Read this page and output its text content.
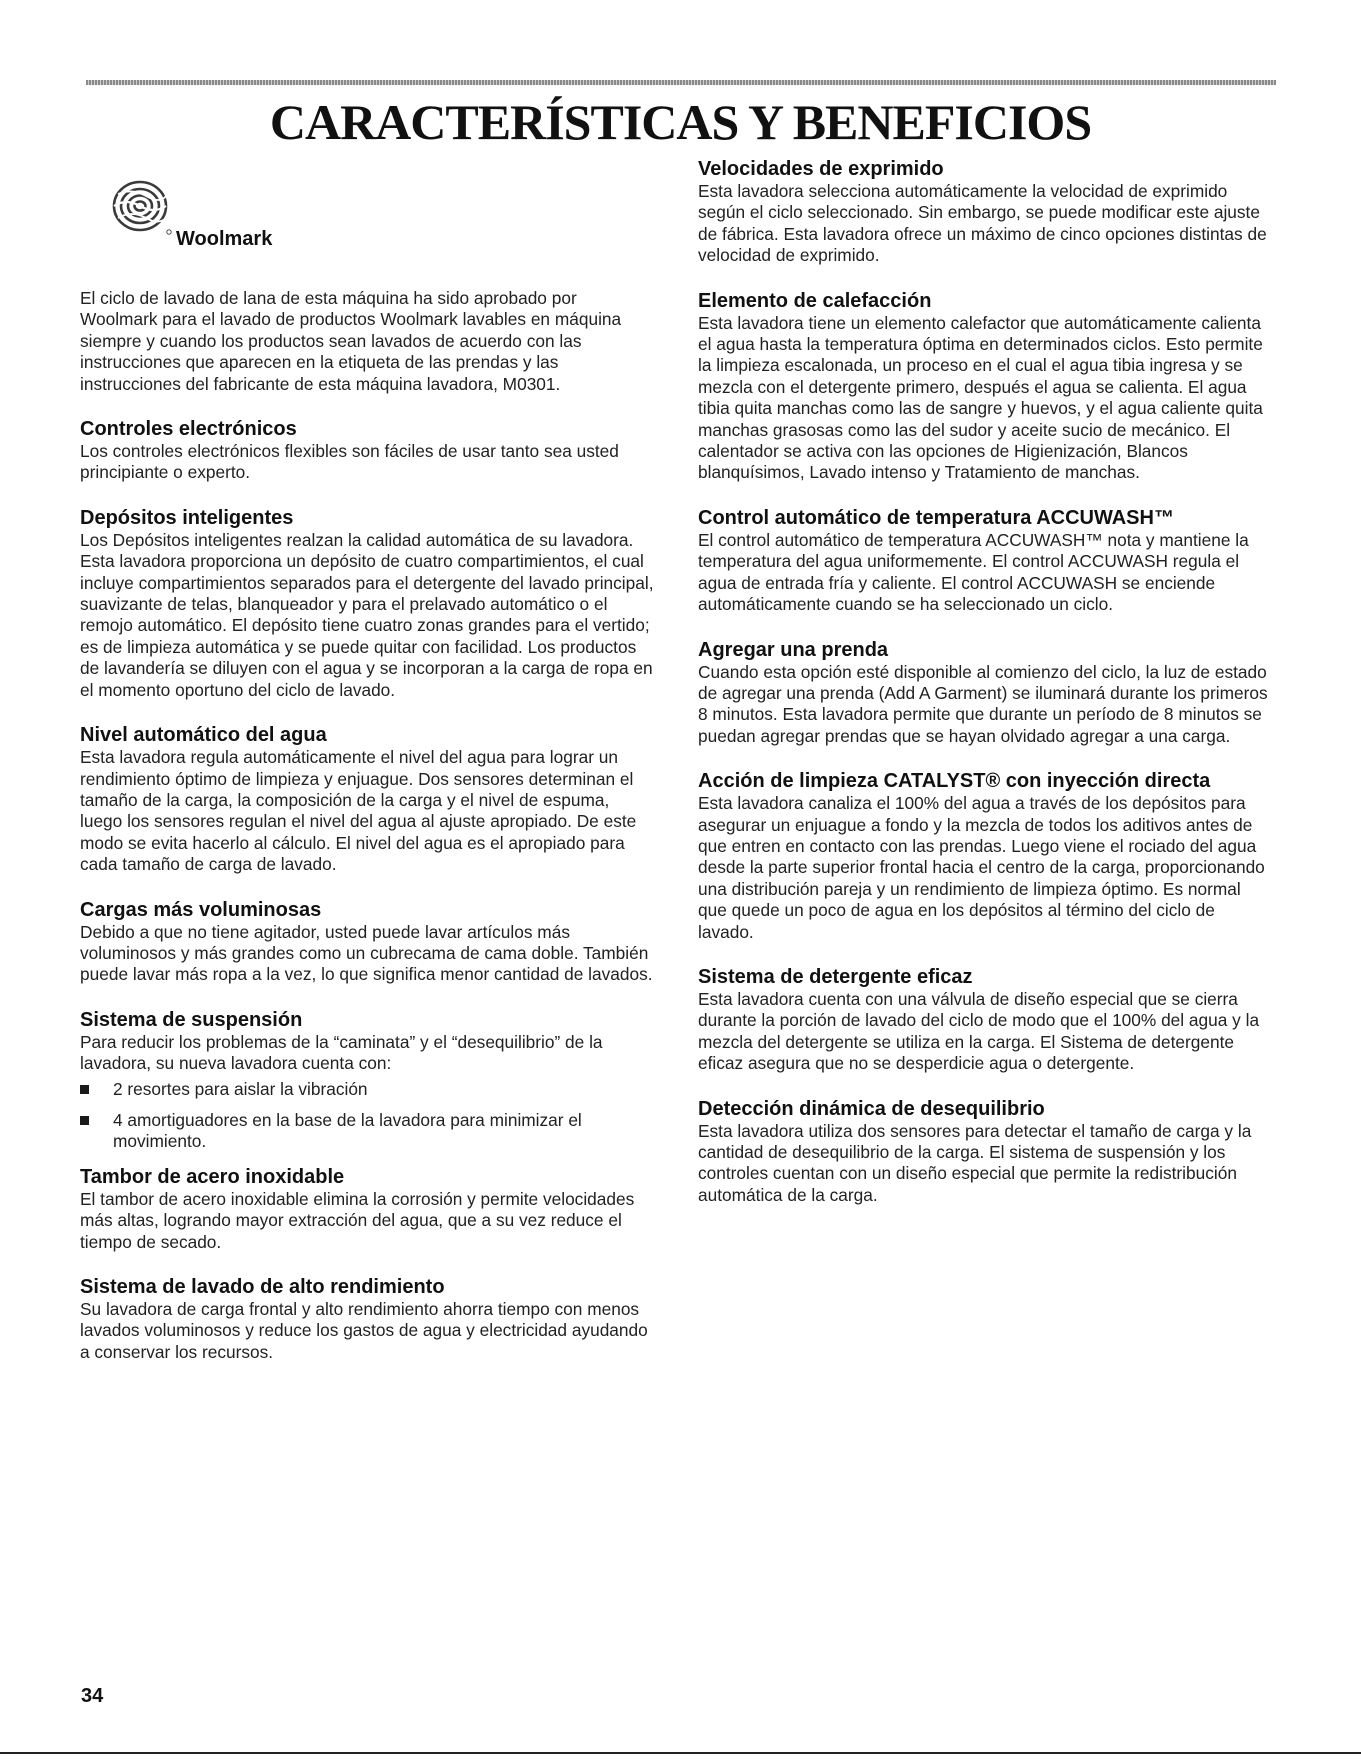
CARACTERÍSTICAS Y BENEFICIOS
Woolmark

El ciclo de lavado de lana de esta máquina ha sido aprobado por Woolmark para el lavado de productos Woolmark lavables en máquina siempre y cuando los productos sean lavados de acuerdo con las instrucciones que aparecen en la etiqueta de las prendas y las instrucciones del fabricante de esta máquina lavadora, M0301.

Controles electrónicos

Los controles electrónicos flexibles son fáciles de usar tanto sea usted principiante o experto.

Depósitos inteligentes

Los Depósitos inteligentes realzan la calidad automática de su lavadora. Esta lavadora proporciona un depósito de cuatro compartimientos, el cual incluye compartimientos separados para el detergente del lavado principal, suavizante de telas, blanqueador y para el prelavado automático o el remojo automático. El depósito tiene cuatro zonas grandes para el vertido; es de limpieza automática y se puede quitar con facilidad. Los productos de lavandería se diluyen con el agua y se incorporan a la carga de ropa en el momento oportuno del ciclo de lavado.

Nivel automático del agua

Esta lavadora regula automáticamente el nivel del agua para lograr un rendimiento óptimo de limpieza y enjuague. Dos sensores determinan el tamaño de la carga, la composición de la carga y el nivel de espuma, luego los sensores regulan el nivel del agua al ajuste apropiado. De este modo se evita hacerlo al cálculo. El nivel del agua es el apropiado para cada tamaño de carga de lavado.

Cargas más voluminosas

Debido a que no tiene agitador, usted puede lavar artículos más voluminosos y más grandes como un cubrecama de cama doble. También puede lavar más ropa a la vez, lo que significa menor cantidad de lavados.

Sistema de suspensión

Para reducir los problemas de la “caminata” y el “desequilibrio” de la lavadora, su nueva lavadora cuenta con:

2 resortes para aislar la vibración
4 amortiguadores en la base de la lavadora para minimizar el movimiento.
Tambor de acero inoxidable

El tambor de acero inoxidable elimina la corrosión y permite velocidades más altas, logrando mayor extracción del agua, que a su vez reduce el tiempo de secado.

Sistema de lavado de alto rendimiento

Su lavadora de carga frontal y alto rendimiento ahorra tiempo con menos lavados voluminosos y reduce los gastos de agua y electricidad ayudando a conservar los recursos.

Velocidades de exprimido

Esta lavadora selecciona automáticamente la velocidad de exprimido según el ciclo seleccionado. Sin embargo, se puede modificar este ajuste de fábrica. Esta lavadora ofrece un máximo de cinco opciones distintas de velocidad de exprimido.

Elemento de calefacción

Esta lavadora tiene un elemento calefactor que automáticamente calienta el agua hasta la temperatura óptima en determinados ciclos. Esto permite la limpieza escalonada, un proceso en el cual el agua tibia ingresa y se mezcla con el detergente primero, después el agua se calienta. El agua tibia quita manchas como las de sangre y huevos, y el agua caliente quita manchas grasosas como las del sudor y aceite sucio de mecánico. El calentador se activa con las opciones de Higienización, Blancos blanquísimos, Lavado intenso y Tratamiento de manchas.

Control automático de temperatura ACCUWASH™

El control automático de temperatura ACCUWASH™ nota y mantiene la temperatura del agua uniformemente. El control ACCUWASH regula el agua de entrada fría y caliente. El control ACCUWASH se enciende automáticamente cuando se ha seleccionado un ciclo.

Agregar una prenda

Cuando esta opción esté disponible al comienzo del ciclo, la luz de estado de agregar una prenda (Add A Garment) se iluminará durante los primeros 8 minutos. Esta lavadora permite que durante un período de 8 minutos se puedan agregar prendas que se hayan olvidado agregar a una carga.

Acción de limpieza CATALYST® con inyección directa

Esta lavadora canaliza el 100% del agua a través de los depósitos para asegurar un enjuague a fondo y la mezcla de todos los aditivos antes de que entren en contacto con las prendas. Luego viene el rociado del agua desde la parte superior frontal hacia el centro de la carga, proporcionando una distribución pareja y un rendimiento de limpieza óptimo. Es normal que quede un poco de agua en los depósitos al término del ciclo de lavado.

Sistema de detergente eficaz

Esta lavadora cuenta con una válvula de diseño especial que se cierra durante la porción de lavado del ciclo de modo que el 100% del agua y la mezcla del detergente se utiliza en la carga. El Sistema de detergente eficaz asegura que no se desperdicie agua o detergente.

Detección dinámica de desequilibrio

Esta lavadora utiliza dos sensores para detectar el tamaño de carga y la cantidad de desequilibrio de la carga. El sistema de suspensión y los controles cuentan con un diseño especial que permite la redistribución automática de la carga.

34
